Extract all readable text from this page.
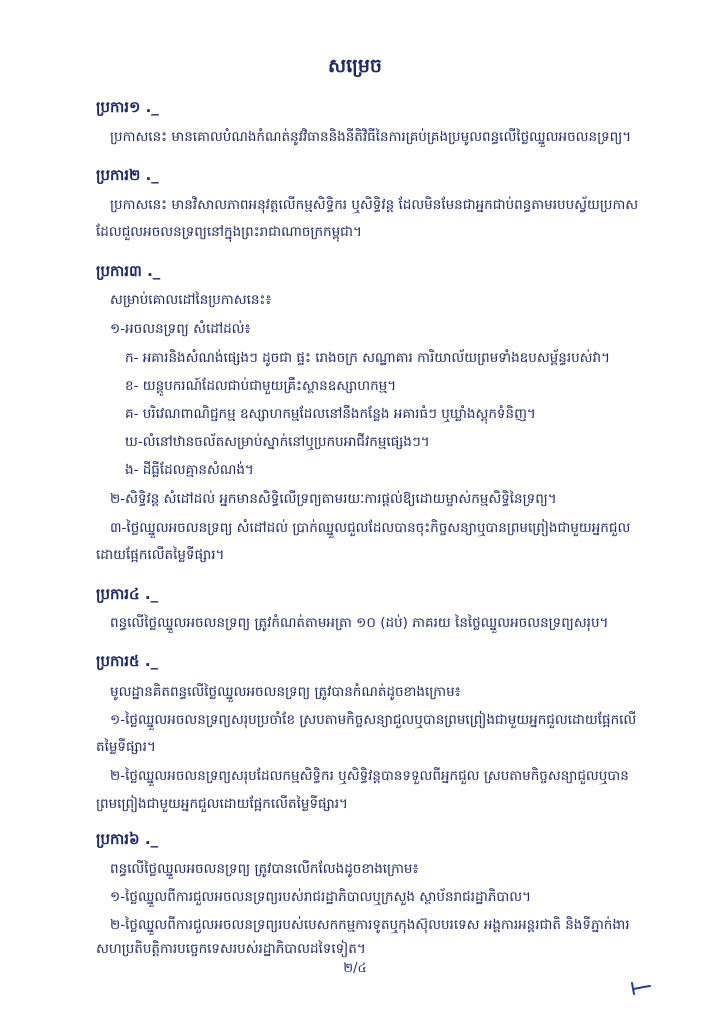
សម្រេច
ប្រការ១ ._
ប្រកាសនេះ មានគោលបំណងកំណត់នូវវិធាននិងនីតិវិធីនៃការគ្រប់គ្រងប្រមូលពន្ធលើថ្លៃឈ្នួលអចលនទ្រព្យ។
ប្រការ២ ._
ប្រកាសនេះ មានវិសាលភាពអនុវត្តលើកម្មសិទ្ធិករ ឬសិទ្ធិវន្ត ដែលមិនមែនជាអ្នកជាប់ពន្ធតាមរបបស្វ័យប្រកាស
ដែលជួលអចលនទ្រព្យនៅក្នុងព្រះរាជាណាចក្រកម្ពុជា។
ប្រការ៣ ._
សម្រាប់គោលដៅនៃប្រកាសនេះ៖
១-អចលនទ្រព្យ សំដៅដល់៖
ក- អគារនិងសំណង់ផ្សេងៗ ដូចជា ផ្ទះ រោងចក្រ សណ្ឋាគារ ការិយាល័យព្រមទាំងឧបសម្ព័ន្ធរបស់វា។
ខ- យន្តូបករណ៍ដែលជាប់ជាមួយគ្រឹះស្ថានឧស្សាហកម្ម។
គ- បរិវេណពាណិជ្ជកម្ម ឧស្សាហកម្មដែលនៅនឹងកន្លែង អគារធំៗ ឬឃ្លាំងស្តុកទំនិញ។
ឃ-លំនៅឋានចល័តសម្រាប់ស្នាក់នៅឬប្រកបអាជីវកម្មផ្សេងៗ។
ង- ដីធ្លីដែលគ្មានសំណង់។
២-សិទ្ធិវន្ត សំដៅដល់ អ្នកមានសិទ្ធិលើទ្រព្យតាមរយៈការផ្តល់ឱ្យដោយម្ចាស់កម្មសិទ្ធិនៃទ្រព្យ។
៣-ថ្លៃឈ្នួលអចលនទ្រព្យ សំដៅដល់ ប្រាក់ឈ្នួលជួលដែលបានចុះកិច្ចសន្យាឬបានព្រមព្រៀងជាមួយអ្នកជួល
ដោយផ្អែកលើតម្លៃទីផ្សារ។
ប្រការ៤ ._
ពន្ធលើថ្លៃឈ្នួលអចលនទ្រព្យ ត្រូវកំណត់តាមអត្រា ១០ (ដប់) ភាគរយ នៃថ្លៃឈ្នួលអចលនទ្រព្យសរុប។
ប្រការ៥ ._
មូលដ្ឋានគិតពន្ធលើថ្លៃឈ្នួលអចលនទ្រព្យ ត្រូវបានកំណត់ដូចខាងក្រោម៖
១-ថ្លៃឈ្នួលអចលនទ្រព្យសរុបប្រចាំខែ ស្របតាមកិច្ចសន្យាជួលឬបានព្រមព្រៀងជាមួយអ្នកជួលដោយផ្អែកលើ
តម្លៃទីផ្សារ។
២-ថ្លៃឈ្នួលអចលនទ្រព្យសរុបដែលកម្មសិទ្ធិករ ឬសិទ្ធិវន្តបានទទួលពីអ្នកជួល ស្របតាមកិច្ចសន្យាជួលឬបាន
ព្រមព្រៀងជាមួយអ្នកជួលដោយផ្អែកលើតម្លៃទីផ្សារ។
ប្រការ៦ ._
ពន្ធលើថ្លៃឈ្នួលអចលនទ្រព្យ ត្រូវបានលើកលែងដូចខាងក្រោម៖
១-ថ្លៃឈ្នួលពីការជួលអចលនទ្រព្យរបស់រាជរដ្ឋាភិបាលឬក្រសួង ស្ថាប័នរាជរដ្ឋាភិបាល។
២-ថ្លៃឈ្នួលពីការជួលអចលនទ្រព្យរបស់បេសកកម្មការទូតឬកុងស៊ុលបរទេស អង្គការអន្តរជាតិ និងទីភ្នាក់ងារ
សហប្រតិបត្តិការបច្ចេកទេសរបស់រដ្ឋាភិបាលដទៃទៀត។
២/៤
